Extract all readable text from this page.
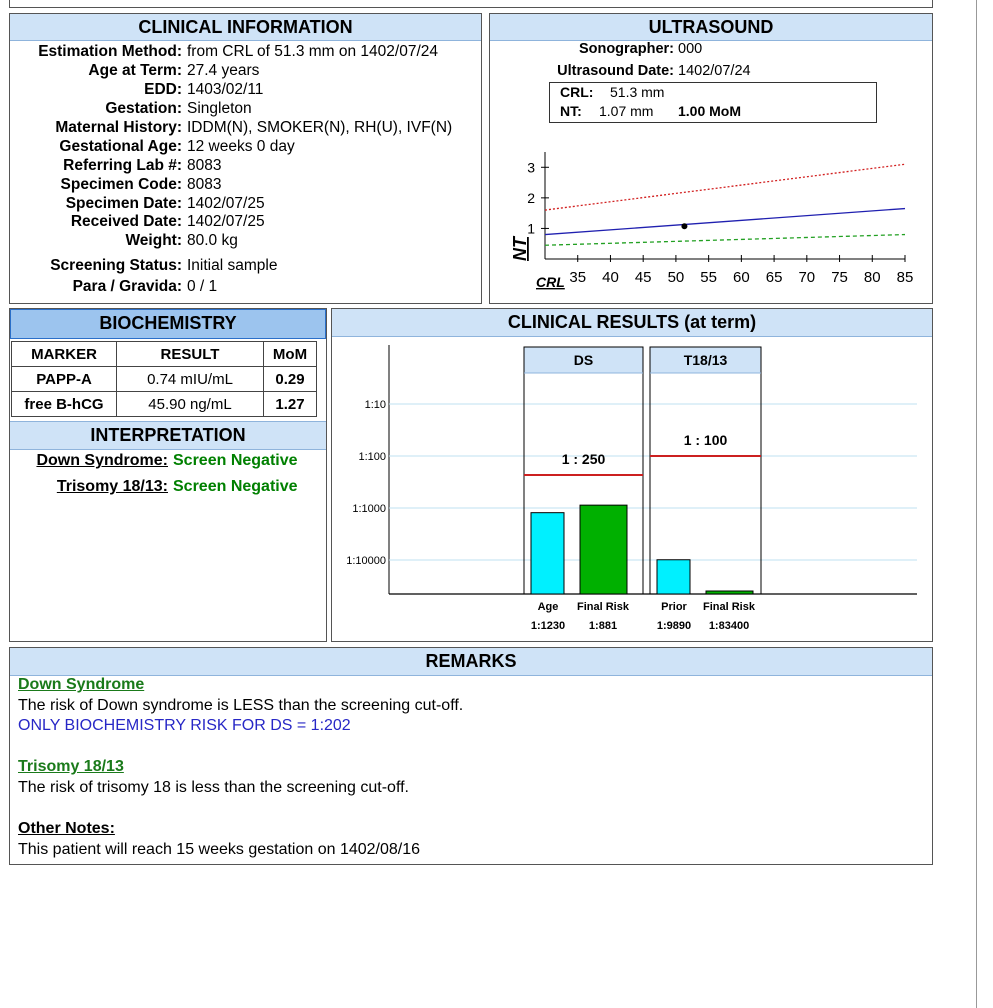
CLINICAL INFORMATION
Estimation Method: from CRL of 51.3 mm on 1402/07/24
Age at Term: 27.4 years
EDD: 1403/02/11
Gestation: Singleton
Maternal History: IDDM(N), SMOKER(N), RH(U), IVF(N)
Gestational Age: 12 weeks 0 day
Referring Lab #: 8083
Specimen Code: 8083
Specimen Date: 1402/07/25
Received Date: 1402/07/25
Weight: 80.0 kg
Screening Status: Initial sample
Para / Gravida: 0 / 1
ULTRASOUND
Sonographer: 000
Ultrasound Date: 1402/07/24
CRL: 51.3 mm
NT: 1.07 mm 1.00 MoM
35 40 45 50 55 60 65 70 75 80 85
1
2
3
NT
CRL
BIOCHEMISTRY
MARKER	RESULT	MoM
PAPP-A	0.74 mIU/mL	0.29
free B-hCG	45.90 ng/mL	1.27
INTERPRETATION
Down Syndrome: Screen Negative
Trisomy 18/13: Screen Negative
CLINICAL RESULTS (at term)
1:10
1:100
1:1000
1:10000
DS
1 : 250
Age
1:1230
Final Risk
1:881
T18/13
1 : 100
Prior
1:9890
Final Risk
1:83400
REMARKS
Down Syndrome
The risk of Down syndrome is LESS than the screening cut-off.
ONLY BIOCHEMISTRY RISK FOR DS = 1:202
Trisomy 18/13
The risk of trisomy 18 is less than the screening cut-off.
Other Notes:
This patient will reach 15 weeks gestation on 1402/08/16
